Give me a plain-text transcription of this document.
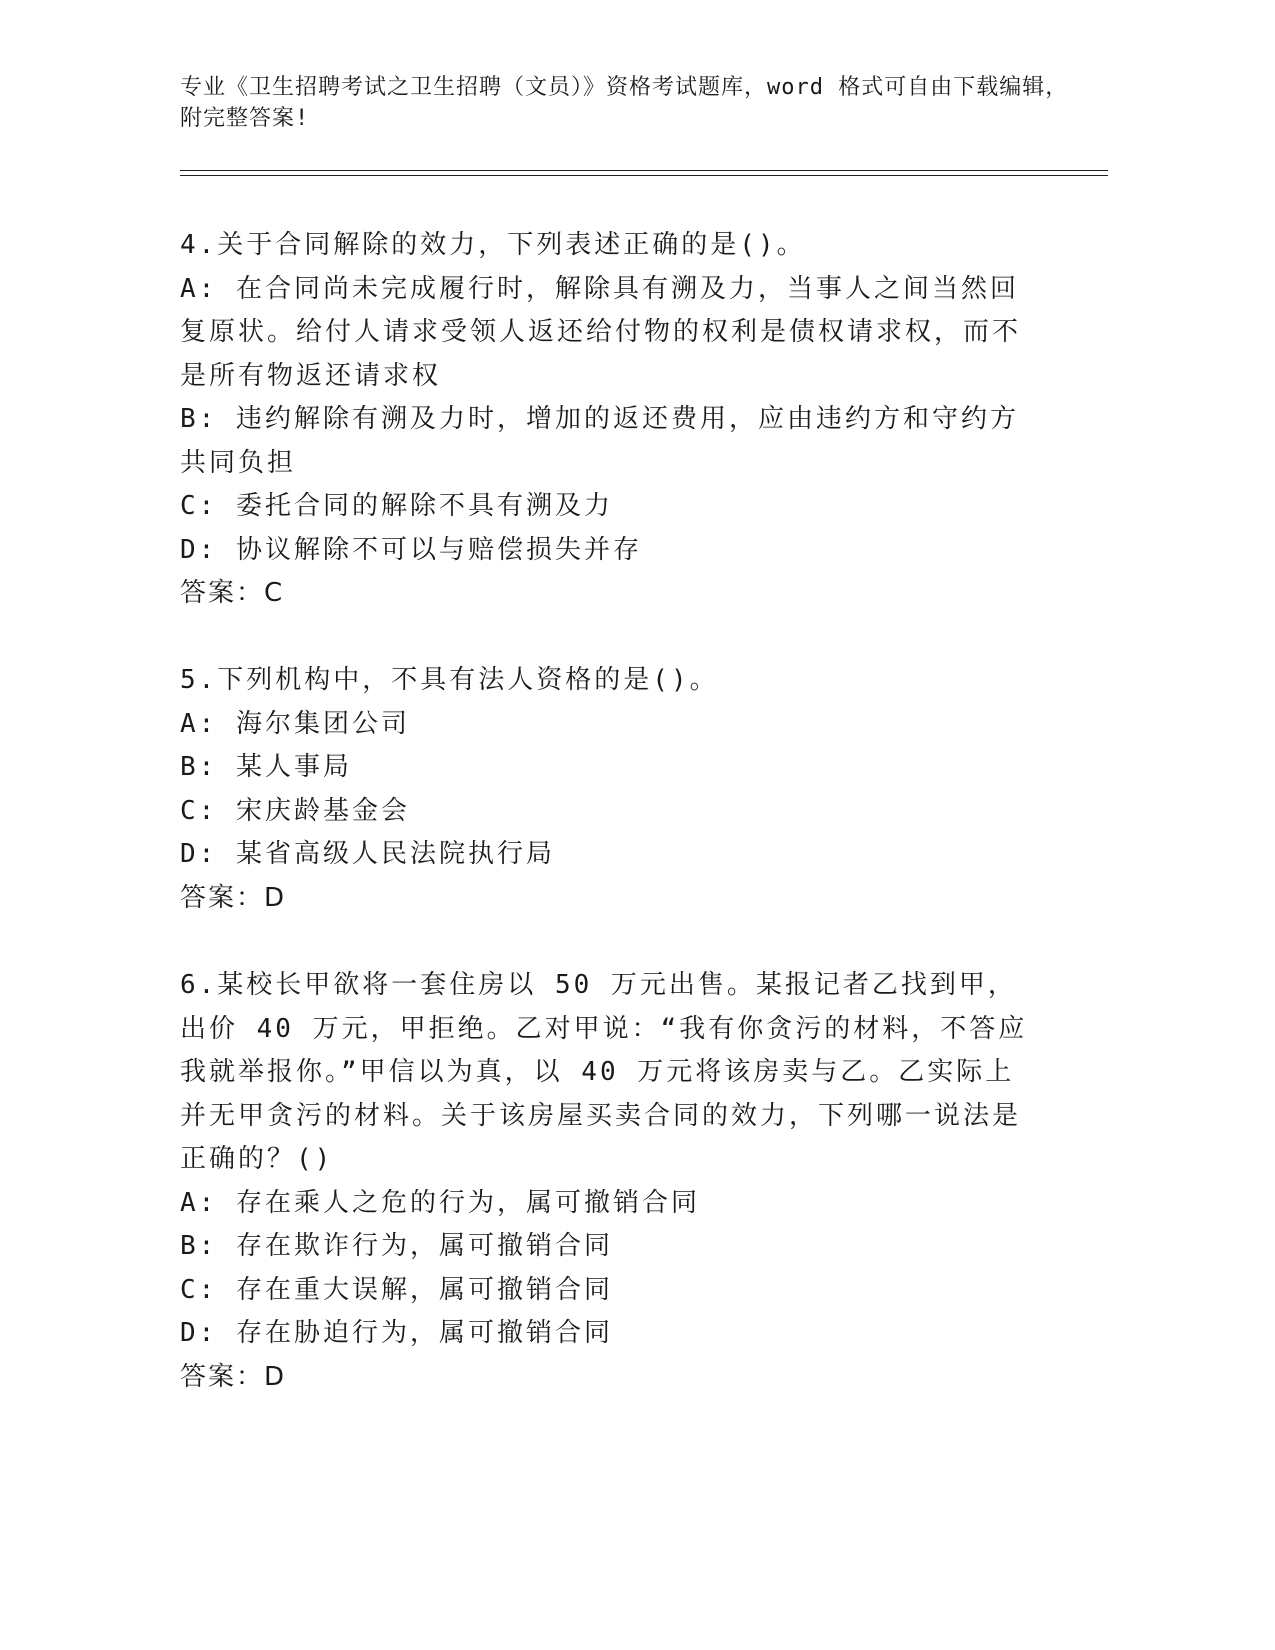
专业《卫生招聘考试之卫生招聘（文员）》资格考试题库，word 格式可自由下载编辑，附完整答案!

4.关于合同解除的效力，下列表述正确的是()。

A: 在合同尚未完成履行时，解除具有溯及力，当事人之间当然回复原状。给付人请求受领人返还给付物的权利是债权请求权，而不是所有物返还请求权

B: 违约解除有溯及力时，增加的返还费用，应由违约方和守约方共同负担

C: 委托合同的解除不具有溯及力

D: 协议解除不可以与赔偿损失并存

答案：C

5.下列机构中，不具有法人资格的是()。

A: 海尔集团公司

B: 某人事局

C: 宋庆龄基金会

D: 某省高级人民法院执行局

答案：D

6.某校长甲欲将一套住房以 50 万元出售。某报记者乙找到甲，出价 40 万元，甲拒绝。乙对甲说：“我有你贪污的材料，不答应我就举报你。”甲信以为真，以 40 万元将该房卖与乙。乙实际上并无甲贪污的材料。关于该房屋买卖合同的效力，下列哪一说法是正确的？()

A: 存在乘人之危的行为，属可撤销合同

B: 存在欺诈行为，属可撤销合同

C: 存在重大误解，属可撤销合同

D: 存在胁迫行为，属可撤销合同

答案：D
